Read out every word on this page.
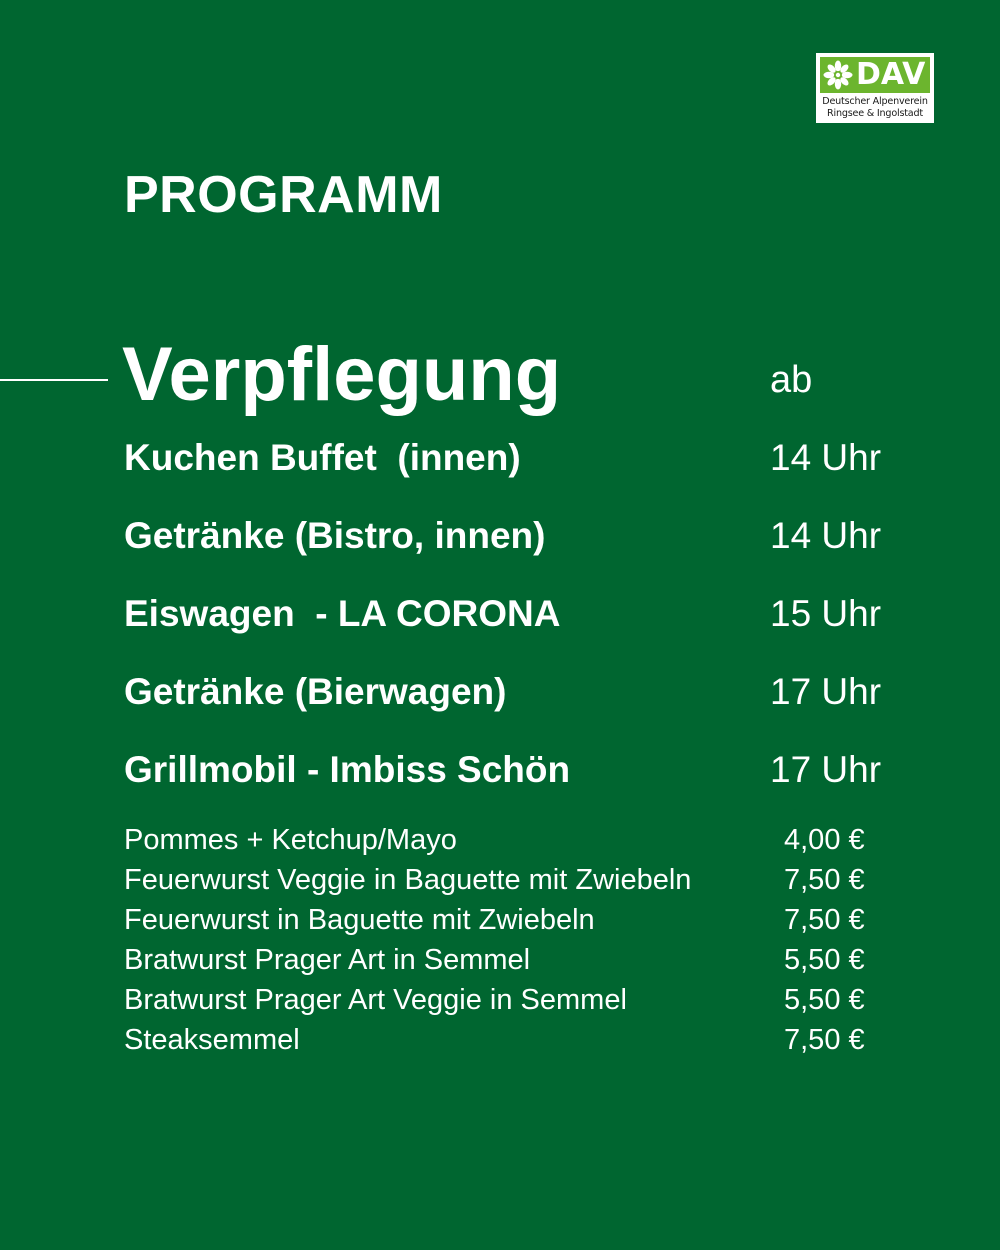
DAV
Deutscher Alpenverein
Ringsee & Ingolstadt
PROGRAMM
Verpflegung	ab
Kuchen Buffet  (innen)	14 Uhr
Getränke (Bistro, innen)	14 Uhr
Eiswagen  - LA CORONA	15 Uhr
Getränke (Bierwagen)	17 Uhr
Grillmobil - Imbiss Schön	17 Uhr
Pommes + Ketchup/Mayo	4,00 €
Feuerwurst Veggie in Baguette mit Zwiebeln	7,50 €
Feuerwurst in Baguette mit Zwiebeln	7,50 €
Bratwurst Prager Art in Semmel	5,50 €
Bratwurst Prager Art Veggie in Semmel	5,50 €
Steaksemmel	7,50 €
